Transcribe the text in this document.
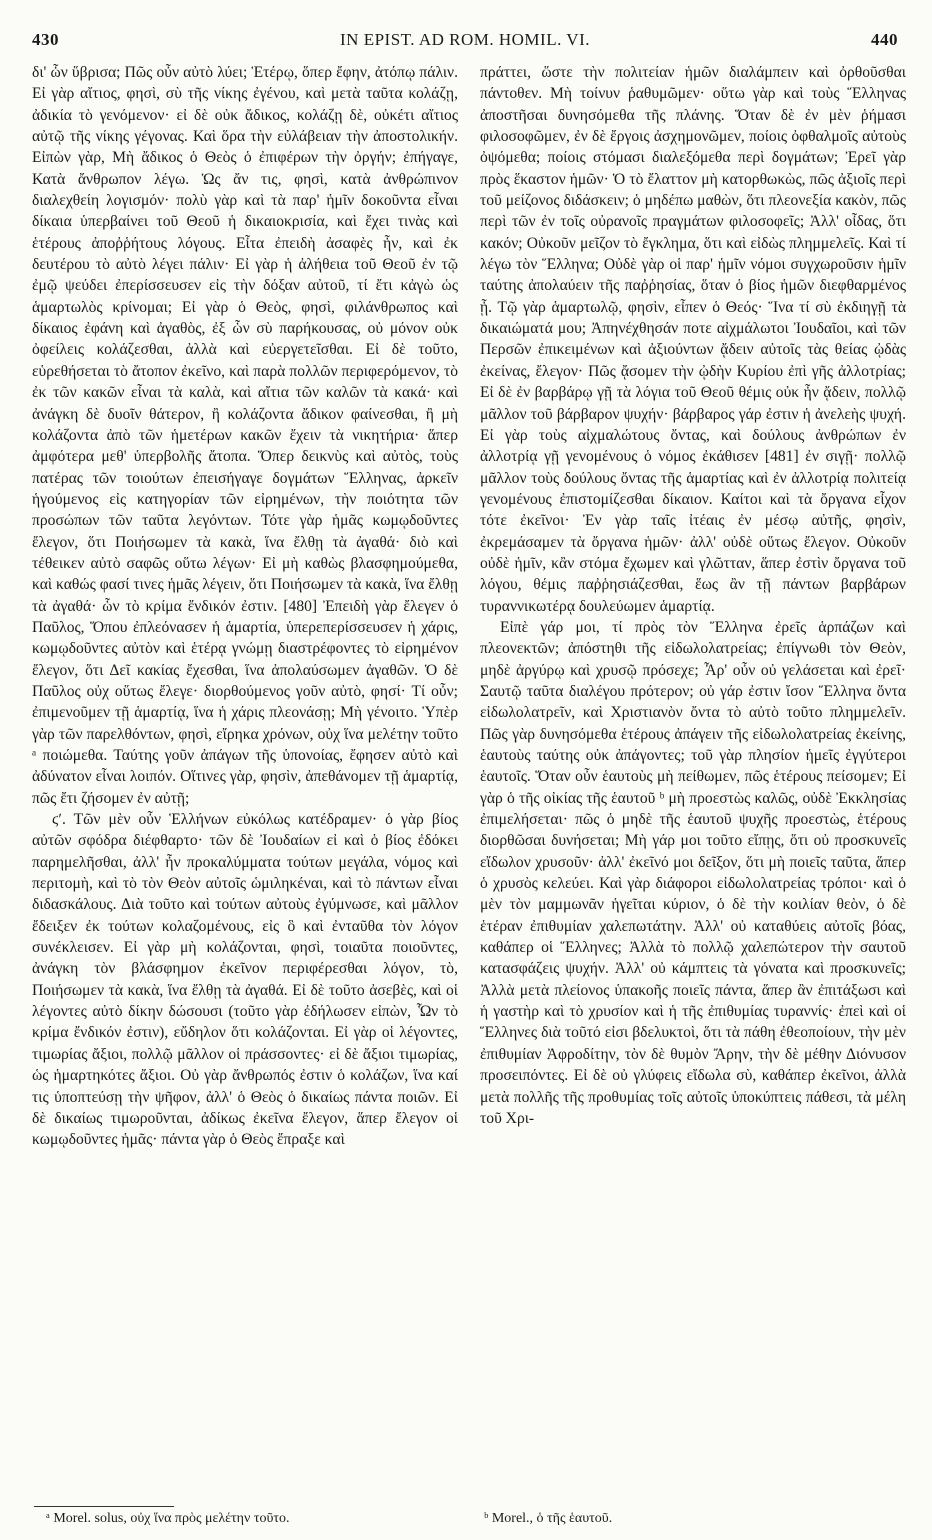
430	IN EPIST. AD ROM. HOMIL. VI.	440

δι' ὧν ὕβρισα; Πῶς οὖν αὐτὸ λύει; Ἑτέρῳ, ὅπερ ἔφην, ἀτόπῳ πάλιν. Εἰ γὰρ αἴτιος, φησὶ, σὺ τῆς νίκης ἐγένου, καὶ μετὰ ταῦτα κολάζῃ, ἀδικία τὸ γενόμενον· εἰ δὲ οὐκ ἄδικος, κολάζῃ δὲ, οὐκέτι αἴτιος αὐτῷ τῆς νίκης γέγονας. Καὶ ὅρα τὴν εὐλάβειαν τὴν ἀποστολικήν. Εἰπὼν γὰρ, Μὴ ἄδικος ὁ Θεὸς ὁ ἐπιφέρων τὴν ὀργήν; ἐπήγαγε, Κατὰ ἄνθρωπον λέγω. Ὡς ἄν τις, φησὶ, κατὰ ἀνθρώπινον διαλεχθείη λογισμόν· πολὺ γὰρ καὶ τὰ παρ' ἡμῖν δοκοῦντα εἶναι δίκαια ὑπερβαίνει τοῦ Θεοῦ ἡ δικαιοκρισία, καὶ ἔχει τινὰς καὶ ἑτέρους ἀποῤῥήτους λόγους. Εἶτα ἐπειδὴ ἀσαφὲς ἦν, καὶ ἐκ δευτέρου τὸ αὐτὸ λέγει πάλιν· Εἰ γὰρ ἡ ἀλήθεια τοῦ Θεοῦ ἐν τῷ ἐμῷ ψεύδει ἐπερίσσευσεν εἰς τὴν δόξαν αὐτοῦ, τί ἔτι κἀγὼ ὡς ἁμαρτωλὸς κρίνομαι; Εἰ γὰρ ὁ Θεὸς, φησὶ, φιλάνθρωπος καὶ δίκαιος ἐφάνη καὶ ἀγαθὸς, ἐξ ὧν σὺ παρήκουσας, οὐ μόνον οὐκ ὀφείλεις κολάζεσθαι, ἀλλὰ καὶ εὐεργετεῖσθαι. Εἰ δὲ τοῦτο, εὑρεθήσεται τὸ ἄτοπον ἐκεῖνο, καὶ παρὰ πολλῶν περιφερόμενον, τὸ ἐκ τῶν κακῶν εἶναι τὰ καλὰ, καὶ αἴτια τῶν καλῶν τὰ κακά· καὶ ἀνάγκη δὲ δυοῖν θάτερον, ἢ κολάζοντα ἄδικον φαίνεσθαι, ἢ μὴ κολάζοντα ἀπὸ τῶν ἡμετέρων κακῶν ἔχειν τὰ νικητήρια· ἅπερ ἀμφότερα μεθ' ὑπερβολῆς ἄτοπα. Ὅπερ δεικνὺς καὶ αὐτὸς, τοὺς πατέρας τῶν τοιούτων ἐπεισήγαγε δογμάτων Ἕλληνας, ἀρκεῖν ἡγούμενος εἰς κατηγορίαν τῶν εἰρημένων, τὴν ποιότητα τῶν προσώπων τῶν ταῦτα λεγόντων. Τότε γὰρ ἡμᾶς κωμῳδοῦντες ἔλεγον, ὅτι Ποιήσωμεν τὰ κακὰ, ἵνα ἔλθῃ τὰ ἀγαθά· διὸ καὶ τέθεικεν αὐτὸ σαφῶς οὕτω λέγων· Εἰ μὴ καθὼς βλασφημούμεθα, καὶ καθώς φασί τινες ἡμᾶς λέγειν, ὅτι Ποιήσωμεν τὰ κακὰ, ἵνα ἔλθῃ τὰ ἀγαθά· ὧν τὸ κρίμα ἔνδικόν ἐστιν. [480] Ἐπειδὴ γὰρ ἔλεγεν ὁ Παῦλος, Ὅπου ἐπλεόνασεν ἡ ἁμαρτία, ὑπερεπερίσσευσεν ἡ χάρις, κωμῳδοῦντες αὐτὸν καὶ ἑτέρᾳ γνώμῃ διαστρέφοντες τὸ εἰρημένον ἔλεγον, ὅτι Δεῖ κακίας ἔχεσθαι, ἵνα ἀπολαύσωμεν ἀγαθῶν. Ὁ δὲ Παῦλος οὐχ οὕτως ἔλεγε· διορθούμενος γοῦν αὐτὸ, φησί· Τί οὖν; ἐπιμενοῦμεν τῇ ἁμαρτίᾳ, ἵνα ἡ χάρις πλεονάσῃ; Μὴ γένοιτο. Ὑπὲρ γὰρ τῶν παρελθόντων, φησὶ, εἴρηκα χρόνων, οὐχ ἵνα μελέτην τοῦτο ᵃ ποιώμεθα. Ταύτης γοῦν ἀπάγων τῆς ὑπονοίας, ἔφησεν αὐτὸ καὶ ἀδύνατον εἶναι λοιπόν. Οἵτινες γὰρ, φησὶν, ἀπεθάνομεν τῇ ἁμαρτίᾳ, πῶς ἔτι ζήσομεν ἐν αὐτῇ;

ϛʹ. Τῶν μὲν οὖν Ἑλλήνων εὐκόλως κατέδραμεν· ὁ γὰρ βίος αὐτῶν σφόδρα διέφθαρτο· τῶν δὲ Ἰουδαίων εἰ καὶ ὁ βίος ἐδόκει παρημελῆσθαι, ἀλλ' ἦν προκαλύμματα τούτων μεγάλα, νόμος καὶ περιτομὴ, καὶ τὸ τὸν Θεὸν αὐτοῖς ὡμιληκέναι, καὶ τὸ πάντων εἶναι διδασκάλους. Διὰ τοῦτο καὶ τούτων αὐτοὺς ἐγύμνωσε, καὶ μᾶλλον ἔδειξεν ἐκ τούτων κολαζομένους, εἰς ὃ καὶ ἐνταῦθα τὸν λόγον συνέκλεισεν. Εἰ γὰρ μὴ κολάζονται, φησὶ, τοιαῦτα ποιοῦντες, ἀνάγκη τὸν βλάσφημον ἐκεῖνον περιφέρεσθαι λόγον, τὸ, Ποιήσωμεν τὰ κακὰ, ἵνα ἔλθῃ τὰ ἀγαθά. Εἰ δὲ τοῦτο ἀσεβὲς, καὶ οἱ λέγοντες αὐτὸ δίκην δώσουσι (τοῦτο γὰρ ἐδήλωσεν εἰπὼν, Ὧν τὸ κρίμα ἔνδικόν ἐστιν), εὔδηλον ὅτι κολάζονται. Εἰ γὰρ οἱ λέγοντες, τιμωρίας ἄξιοι, πολλῷ μᾶλλον οἱ πράσσοντες· εἰ δὲ ἄξιοι τιμωρίας, ὡς ἡμαρτηκότες ἄξιοι. Οὐ γὰρ ἄνθρωπός ἐστιν ὁ κολάζων, ἵνα καί τις ὑποπτεύσῃ τὴν ψῆφον, ἀλλ' ὁ Θεὸς ὁ δικαίως πάντα ποιῶν. Εἰ δὲ δικαίως τιμωροῦνται, ἀδίκως ἐκεῖνα ἔλεγον, ἅπερ ἔλεγον οἱ κωμῳδοῦντες ἡμᾶς· πάντα γὰρ ὁ Θεὸς ἔπραξε καὶ

πράττει, ὥστε τὴν πολιτείαν ἡμῶν διαλάμπειν καὶ ὀρθοῦσθαι πάντοθεν. Μὴ τοίνυν ῥαθυμῶμεν· οὕτω γὰρ καὶ τοὺς Ἕλληνας ἀποστῆσαι δυνησόμεθα τῆς πλάνης. Ὅταν δὲ ἐν μὲν ῥήμασι φιλοσοφῶμεν, ἐν δὲ ἔργοις ἀσχημονῶμεν, ποίοις ὀφθαλμοῖς αὐτοὺς ὀψόμεθα; ποίοις στόμασι διαλεξόμεθα περὶ δογμάτων; Ἐρεῖ γὰρ πρὸς ἕκαστον ἡμῶν· Ὁ τὸ ἔλαττον μὴ κατορθωκὼς, πῶς ἀξιοῖς περὶ τοῦ μείζονος διδάσκειν; ὁ μηδέπω μαθὼν, ὅτι πλεονεξία κακὸν, πῶς περὶ τῶν ἐν τοῖς οὐρανοῖς πραγμάτων φιλοσοφεῖς; Ἀλλ' οἶδας, ὅτι κακόν; Οὐκοῦν μεῖζον τὸ ἔγκλημα, ὅτι καὶ εἰδὼς πλημμελεῖς. Καὶ τί λέγω τὸν Ἕλληνα; Οὐδὲ γὰρ οἱ παρ' ἡμῖν νόμοι συγχωροῦσιν ἡμῖν ταύτης ἀπολαύειν τῆς παῤῥησίας, ὅταν ὁ βίος ἡμῶν διεφθαρμένος ᾖ. Τῷ γὰρ ἁμαρτωλῷ, φησὶν, εἶπεν ὁ Θεός· Ἵνα τί σὺ ἐκδιηγῇ τὰ δικαιώματά μου; Ἀπηνέχθησάν ποτε αἰχμάλωτοι Ἰουδαῖοι, καὶ τῶν Περσῶν ἐπικειμένων καὶ ἀξιούντων ᾄδειν αὐτοῖς τὰς θείας ᾠδὰς ἐκείνας, ἔλεγον· Πῶς ᾄσομεν τὴν ᾠδὴν Κυρίου ἐπὶ γῆς ἀλλοτρίας; Εἰ δὲ ἐν βαρβάρῳ γῇ τὰ λόγια τοῦ Θεοῦ θέμις οὐκ ἦν ᾄδειν, πολλῷ μᾶλλον τοῦ βάρβαρον ψυχήν· βάρβαρος γάρ ἐστιν ἡ ἀνελεὴς ψυχή. Εἰ γὰρ τοὺς αἰχμαλώτους ὄντας, καὶ δούλους ἀνθρώπων ἐν ἀλλοτρίᾳ γῇ γενομένους ὁ νόμος ἐκάθισεν [481] ἐν σιγῇ· πολλῷ μᾶλλον τοὺς δούλους ὄντας τῆς ἁμαρτίας καὶ ἐν ἀλλοτρίᾳ πολιτείᾳ γενομένους ἐπιστομίζεσθαι δίκαιον. Καίτοι καὶ τὰ ὄργανα εἶχον τότε ἐκεῖνοι· Ἐν γὰρ ταῖς ἰτέαις ἐν μέσῳ αὐτῆς, φησὶν, ἐκρεμάσαμεν τὰ ὄργανα ἡμῶν· ἀλλ' οὐδὲ οὕτως ἔλεγον. Οὐκοῦν οὐδὲ ἡμῖν, κἂν στόμα ἔχωμεν καὶ γλῶτταν, ἅπερ ἐστὶν ὄργανα τοῦ λόγου, θέμις παῤῥησιάζεσθαι, ἕως ἂν τῇ πάντων βαρβάρων τυραννικωτέρᾳ δουλεύωμεν ἁμαρτίᾳ.

Εἰπὲ γάρ μοι, τί πρὸς τὸν Ἕλληνα ἐρεῖς ἁρπάζων καὶ πλεονεκτῶν; ἀπόστηθι τῆς εἰδωλολατρείας; ἐπίγνωθι τὸν Θεὸν, μηδὲ ἀργύρῳ καὶ χρυσῷ πρόσεχε; Ἆρ' οὖν οὐ γελάσεται καὶ ἐρεῖ· Σαυτῷ ταῦτα διαλέγου πρότερον; οὐ γάρ ἐστιν ἴσον Ἕλληνα ὄντα εἰδωλολατρεῖν, καὶ Χριστιανὸν ὄντα τὸ αὐτὸ τοῦτο πλημμελεῖν. Πῶς γὰρ δυνησόμεθα ἑτέρους ἀπάγειν τῆς εἰδωλολατρείας ἐκείνης, ἑαυτοὺς ταύτης οὐκ ἀπάγοντες; τοῦ γὰρ πλησίον ἡμεῖς ἐγγύτεροι ἑαυτοῖς. Ὅταν οὖν ἑαυτοὺς μὴ πείθωμεν, πῶς ἑτέρους πείσομεν; Εἰ γὰρ ὁ τῆς οἰκίας τῆς ἑαυτοῦ ᵇ μὴ προεστὼς καλῶς, οὐδὲ Ἐκκλησίας ἐπιμελήσεται· πῶς ὁ μηδὲ τῆς ἑαυτοῦ ψυχῆς προεστὼς, ἑτέρους διορθῶσαι δυνήσεται; Μὴ γάρ μοι τοῦτο εἴπῃς, ὅτι οὐ προσκυνεῖς εἴδωλον χρυσοῦν· ἀλλ' ἐκεῖνό μοι δεῖξον, ὅτι μὴ ποιεῖς ταῦτα, ἅπερ ὁ χρυσὸς κελεύει. Καὶ γὰρ διάφοροι εἰδωλολατρείας τρόποι· καὶ ὁ μὲν τὸν μαμμωνᾶν ἡγεῖται κύριον, ὁ δὲ τὴν κοιλίαν θεὸν, ὁ δὲ ἑτέραν ἐπιθυμίαν χαλεπωτάτην. Ἀλλ' οὐ καταθύεις αὐτοῖς βόας, καθάπερ οἱ Ἕλληνες; Ἀλλὰ τὸ πολλῷ χαλεπώτερον τὴν σαυτοῦ κατασφάζεις ψυχήν. Ἀλλ' οὐ κάμπτεις τὰ γόνατα καὶ προσκυνεῖς; Ἀλλὰ μετὰ πλείονος ὑπακοῆς ποιεῖς πάντα, ἅπερ ἂν ἐπιτάξωσι καὶ ἡ γαστὴρ καὶ τὸ χρυσίον καὶ ἡ τῆς ἐπιθυμίας τυραννίς· ἐπεὶ καὶ οἱ Ἕλληνες διὰ τοῦτό εἰσι βδελυκτοὶ, ὅτι τὰ πάθη ἐθεοποίουν, τὴν μὲν ἐπιθυμίαν Ἀφροδίτην, τὸν δὲ θυμὸν Ἄρην, τὴν δὲ μέθην Διόνυσον προσειπόντες. Εἰ δὲ οὐ γλύφεις εἴδωλα σὺ, καθάπερ ἐκεῖνοι, ἀλλὰ μετὰ πολλῆς τῆς προθυμίας τοῖς αὐτοῖς ὑποκύπτεις πάθεσι, τὰ μέλη τοῦ Χρι-

ᵃ Morel. solus, οὐχ ἵνα πρὸς μελέτην τοῦτο.	ᵇ Morel., ὁ τῆς ἑαυτοῦ.
